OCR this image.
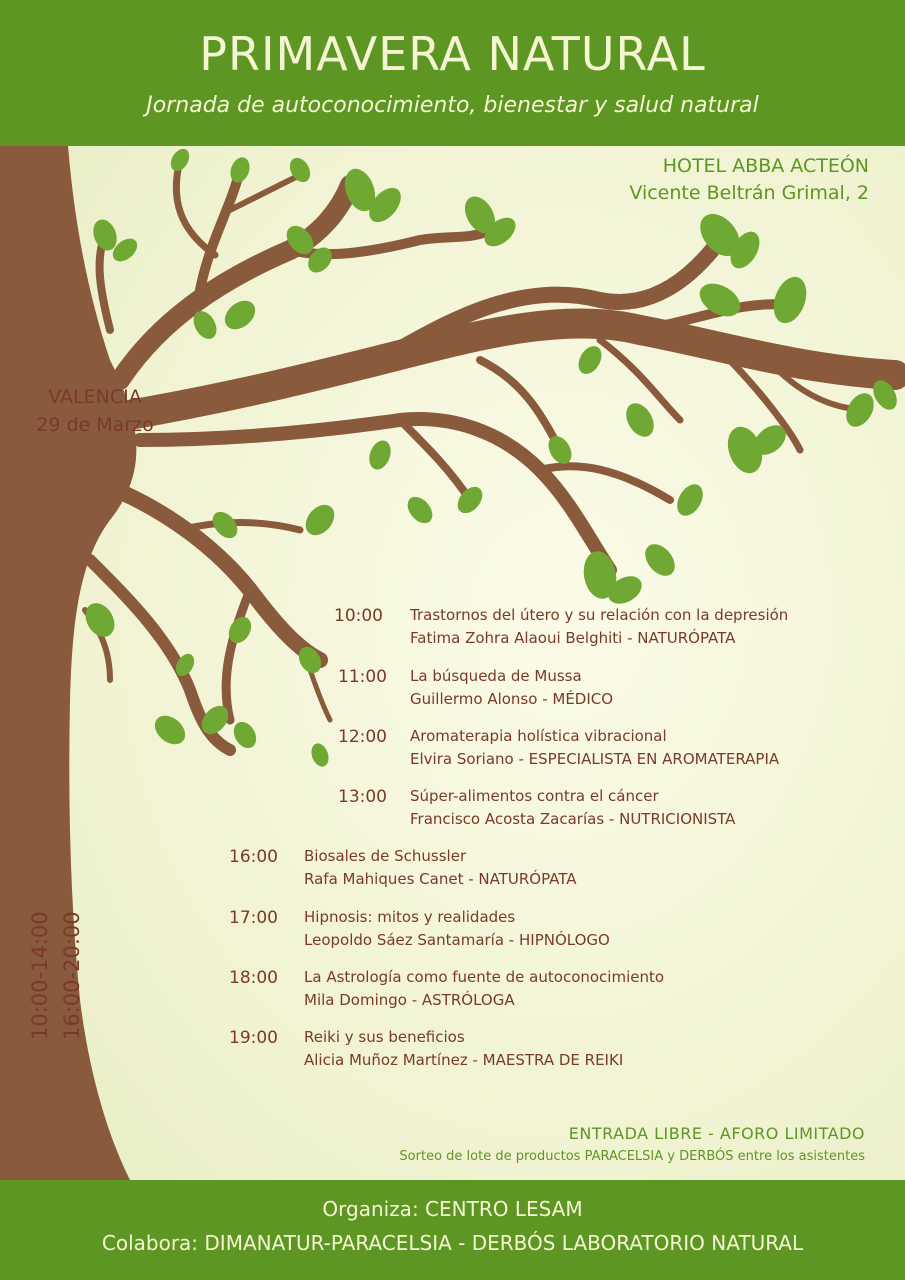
PRIMAVERA NATURAL
Jornada de autoconocimiento, bienestar y salud natural
HOTEL ABBA ACTEÓN
Vicente Beltrán Grimal, 2
VALENCIA
29 de Marzo
10:00 Trastornos del útero y su relación con la depresión
Fatima Zohra Alaoui Belghiti - NATURÓPATA
11:00 La búsqueda de Mussa
Guillermo Alonso - MÉDICO
12:00 Aromaterapia holística vibracional
Elvira Soriano - ESPECIALISTA EN AROMATERAPIA
13:00 Súper-alimentos contra el cáncer
Francisco Acosta Zacarías - NUTRICIONISTA
16:00 Biosales de Schussler
Rafa Mahiques Canet - NATURÓPATA
17:00 Hipnosis: mitos y realidades
Leopoldo Sáez Santamaría - HIPNÓLOGO
18:00 La Astrología como fuente de autoconocimiento
Mila Domingo - ASTRÓLOGA
19:00 Reiki y sus beneficios
Alicia Muñoz Martínez - MAESTRA DE REIKI
10:00-14:00 16:00-20:00
ENTRADA LIBRE - AFORO LIMITADO
Sorteo de lote de productos PARACELSIA y DERBÓS entre los asistentes
Organiza: CENTRO LESAM
Colabora: DIMANATUR-PARACELSIA - DERBÓS LABORATORIO NATURAL
